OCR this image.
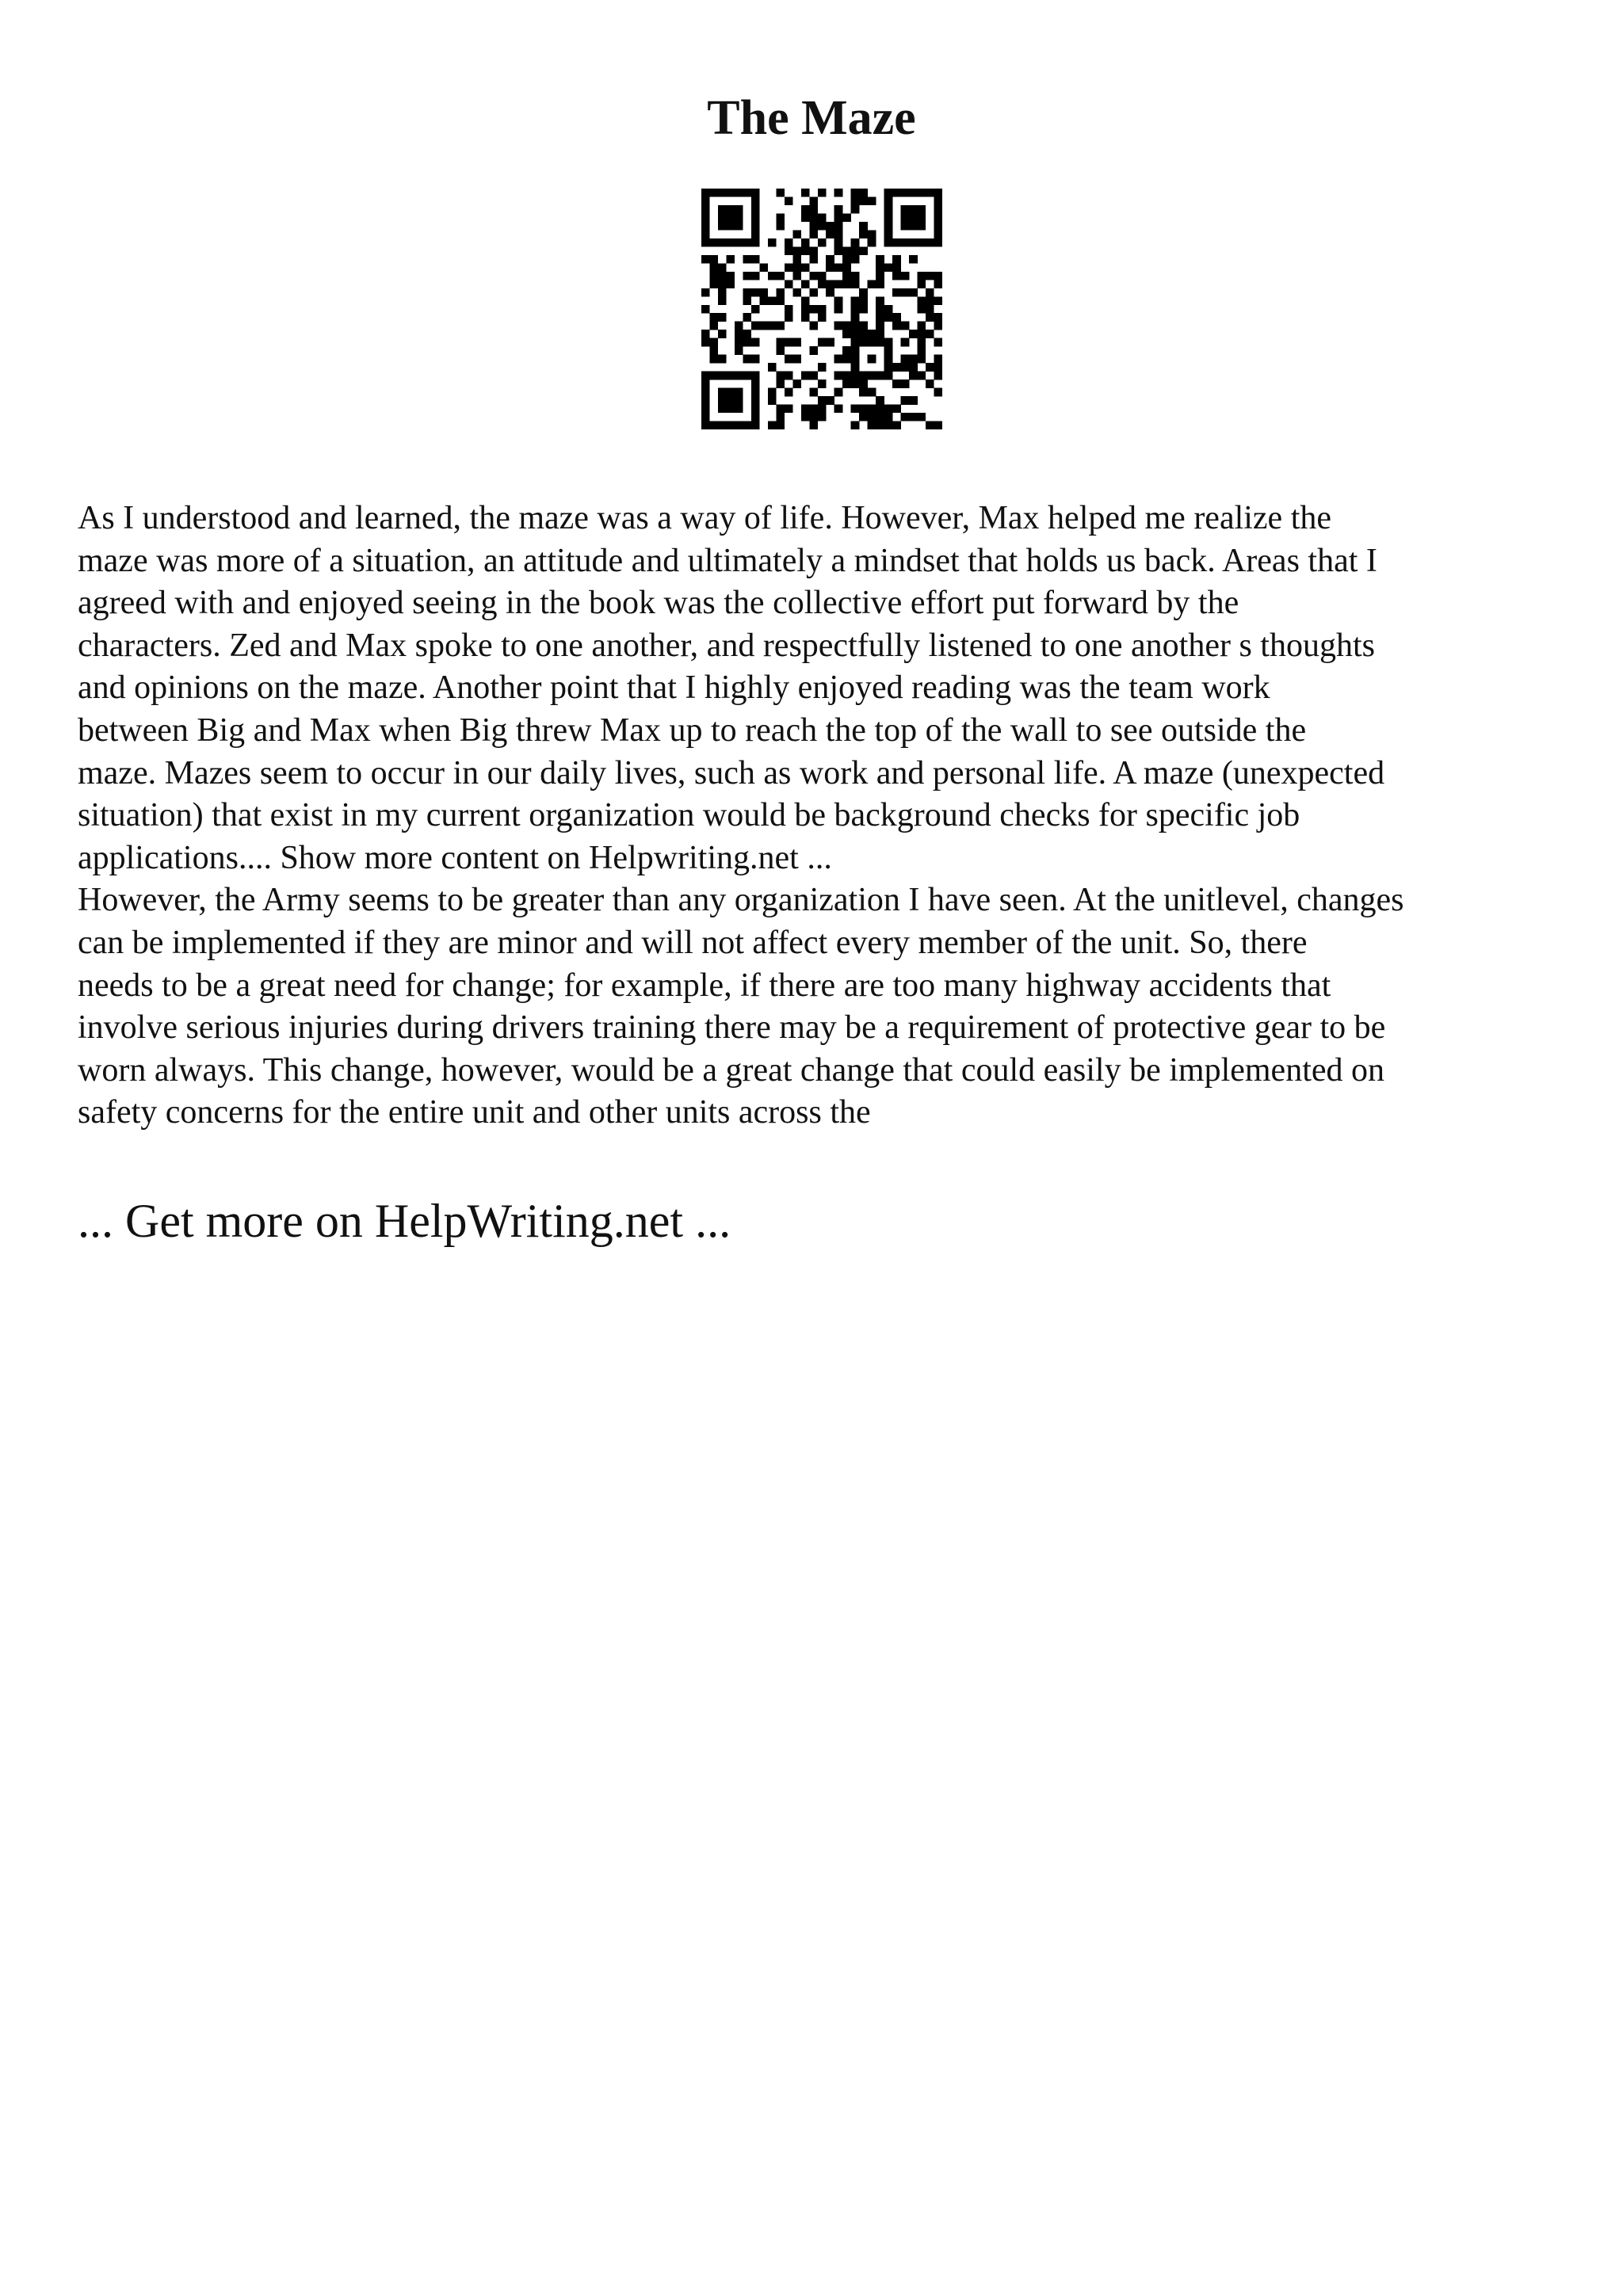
The Maze
As I understood and learned, the maze was a way of life. However, Max helped me realize the
maze was more of a situation, an attitude and ultimately a mindset that holds us back. Areas that I
agreed with and enjoyed seeing in the book was the collective effort put forward by the
characters. Zed and Max spoke to one another, and respectfully listened to one another s thoughts
and opinions on the maze. Another point that I highly enjoyed reading was the team work
between Big and Max when Big threw Max up to reach the top of the wall to see outside the
maze. Mazes seem to occur in our daily lives, such as work and personal life. A maze (unexpected
situation) that exist in my current organization would be background checks for specific job
applications.... Show more content on Helpwriting.net ...
However, the Army seems to be greater than any organization I have seen. At the unitlevel, changes
can be implemented if they are minor and will not affect every member of the unit. So, there
needs to be a great need for change; for example, if there are too many highway accidents that
involve serious injuries during drivers training there may be a requirement of protective gear to be
worn always. This change, however, would be a great change that could easily be implemented on
safety concerns for the entire unit and other units across the
... Get more on HelpWriting.net ...
